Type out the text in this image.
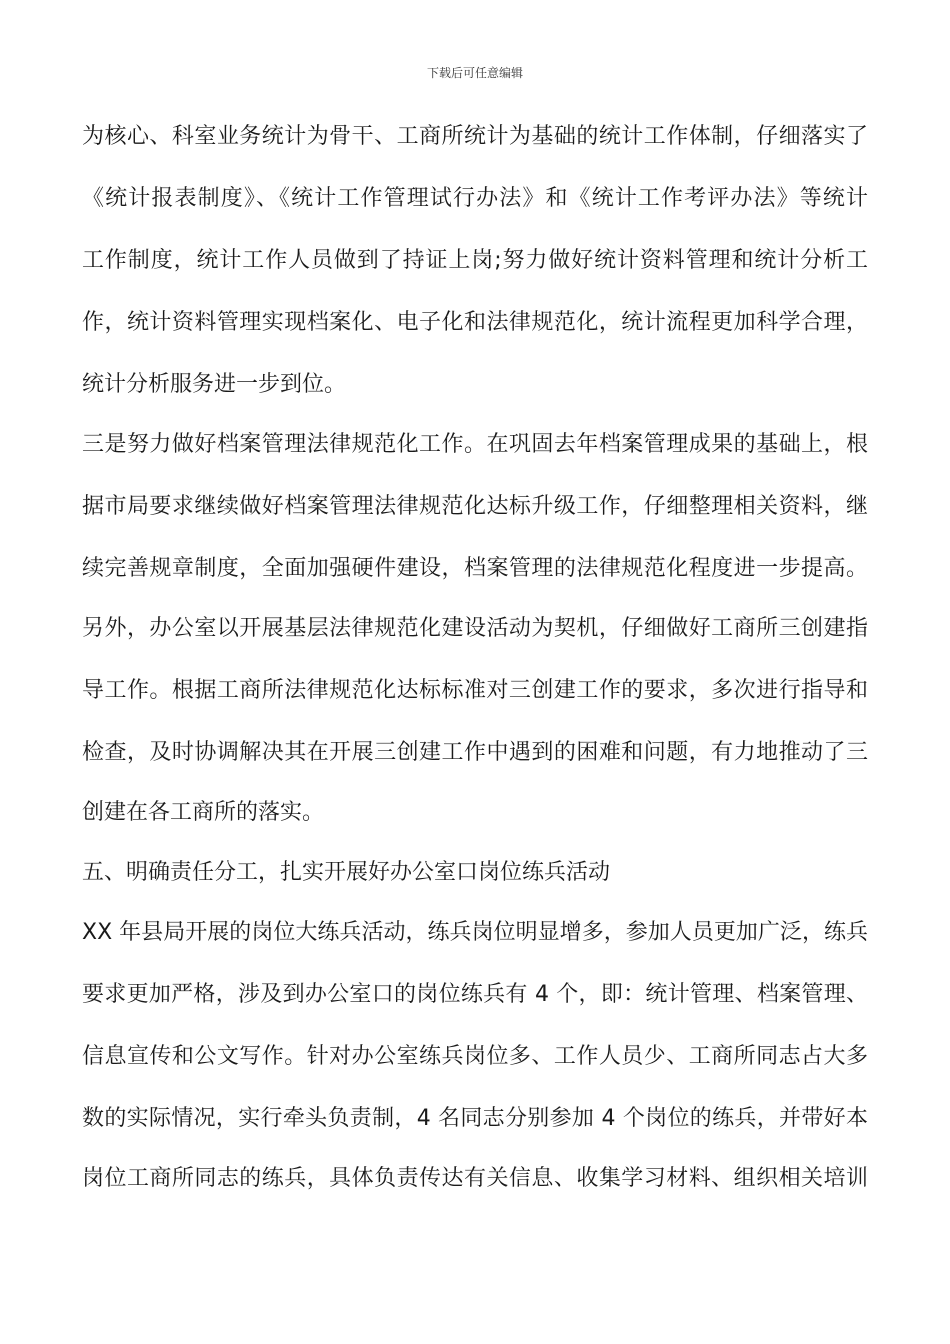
下载后可任意编辑
为核心、科室业务统计为骨干、工商所统计为基础的统计工作体制，仔细落实了
《统计报表制度》、《统计工作管理试行办法》和《统计工作考评办法》等统计
工作制度，统计工作人员做到了持证上岗;努力做好统计资料管理和统计分析工
作，统计资料管理实现档案化、电子化和法律规范化，统计流程更加科学合理，
统计分析服务进一步到位。
三是努力做好档案管理法律规范化工作。在巩固去年档案管理成果的基础上，根
据市局要求继续做好档案管理法律规范化达标升级工作，仔细整理相关资料，继
续完善规章制度，全面加强硬件建设，档案管理的法律规范化程度进一步提高。
另外，办公室以开展基层法律规范化建设活动为契机，仔细做好工商所三创建指
导工作。根据工商所法律规范化达标标准对三创建工作的要求，多次进行指导和
检查，及时协调解决其在开展三创建工作中遇到的困难和问题，有力地推动了三
创建在各工商所的落实。
五、明确责任分工，扎实开展好办公室口岗位练兵活动
XX 年县局开展的岗位大练兵活动，练兵岗位明显增多，参加人员更加广泛，练兵
要求更加严格，涉及到办公室口的岗位练兵有 4 个，即：统计管理、档案管理、
信息宣传和公文写作。针对办公室练兵岗位多、工作人员少、工商所同志占大多
数的实际情况，实行牵头负责制，4 名同志分别参加 4 个岗位的练兵，并带好本
岗位工商所同志的练兵，具体负责传达有关信息、收集学习材料、组织相关培训
